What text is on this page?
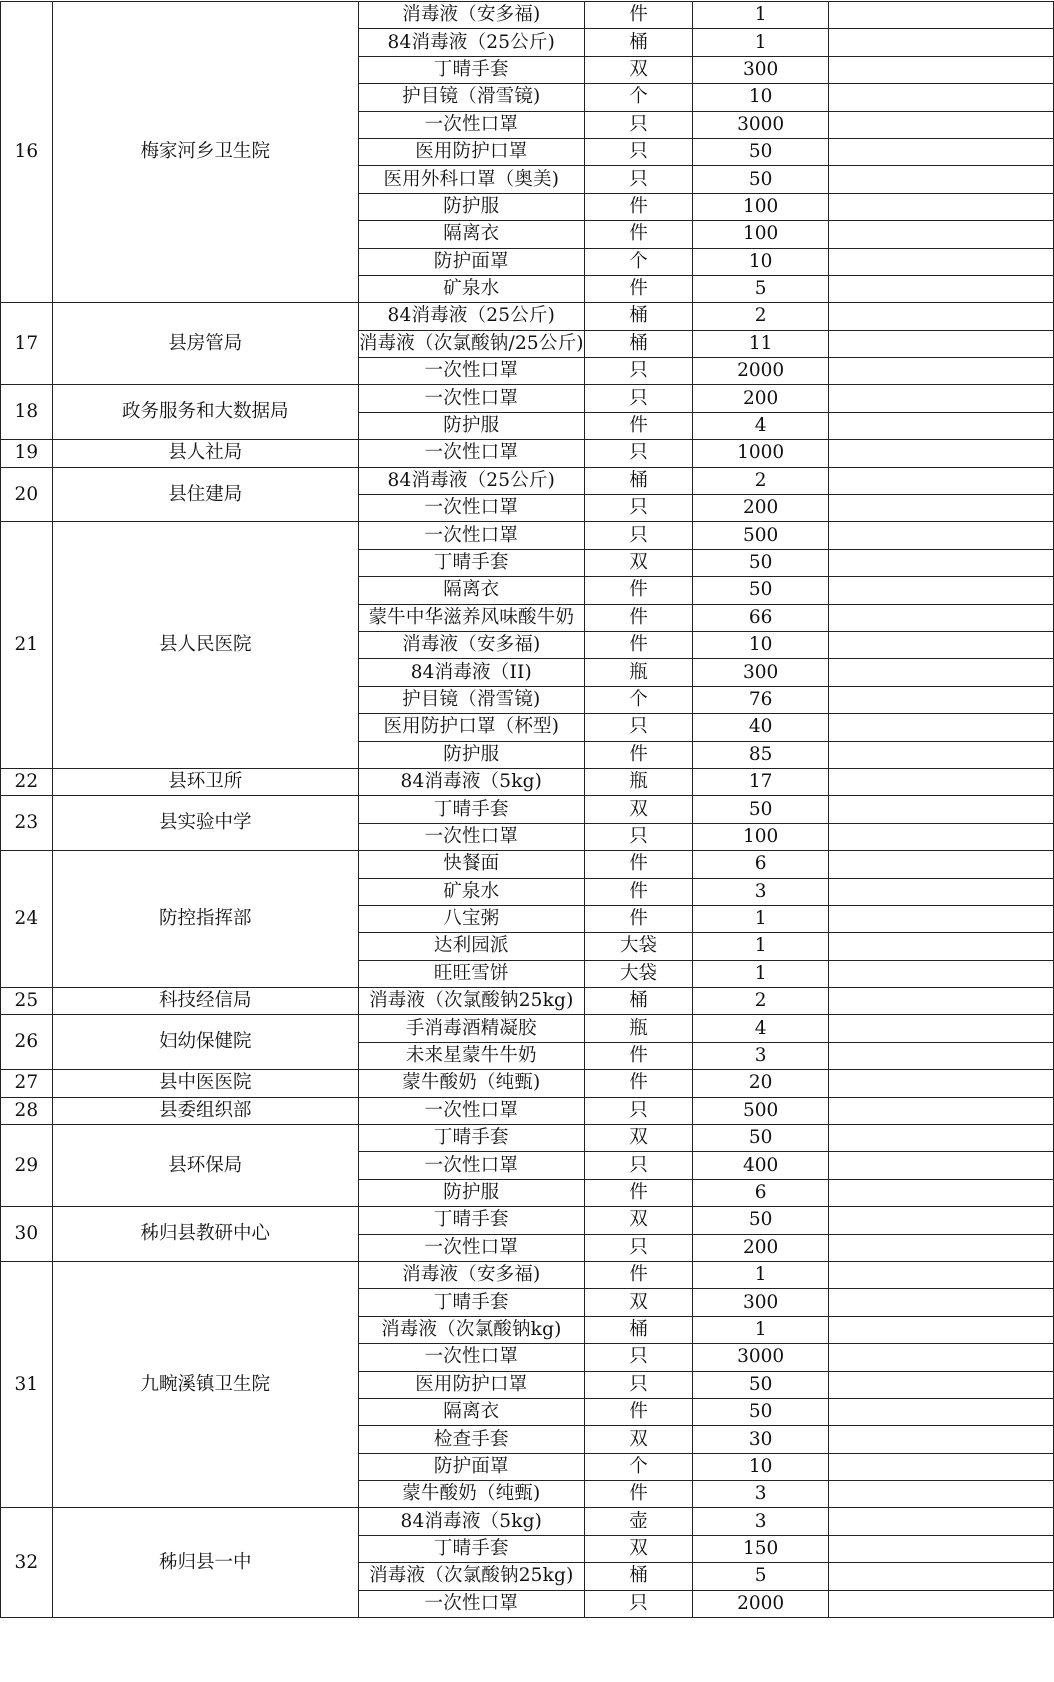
16	梅家河乡卫生院	消毒液（安多福)	件	1	
		84消毒液（25公斤)	桶	1	
		丁晴手套	双	300	
		护目镜（滑雪镜)	个	10	
		一次性口罩	只	3000	
		医用防护口罩	只	50	
		医用外科口罩（奥美)	只	50	
		防护服	件	100	
		隔离衣	件	100	
		防护面罩	个	10	
		矿泉水	件	5	
17	县房管局	84消毒液（25公斤)	桶	2	
		消毒液（次氯酸钠/25公斤)	桶	11	
		一次性口罩	只	2000	
18	政务服务和大数据局	一次性口罩	只	200	
		防护服	件	4	
19	县人社局	一次性口罩	只	1000	
20	县住建局	84消毒液（25公斤)	桶	2	
		一次性口罩	只	200	
21	县人民医院	一次性口罩	只	500	
		丁晴手套	双	50	
		隔离衣	件	50	
		蒙牛中华滋养风味酸牛奶	件	66	
		消毒液（安多福)	件	10	
		84消毒液（II)	瓶	300	
		护目镜（滑雪镜)	个	76	
		医用防护口罩（杯型)	只	40	
		防护服	件	85	
22	县环卫所	84消毒液（5kg)	瓶	17	
23	县实验中学	丁晴手套	双	50	
		一次性口罩	只	100	
24	防控指挥部	快餐面	件	6	
		矿泉水	件	3	
		八宝粥	件	1	
		达利园派	大袋	1	
		旺旺雪饼	大袋	1	
25	科技经信局	消毒液（次氯酸钠25kg)	桶	2	
26	妇幼保健院	手消毒酒精凝胶	瓶	4	
		未来星蒙牛牛奶	件	3	
27	县中医医院	蒙牛酸奶（纯甄)	件	20	
28	县委组织部	一次性口罩	只	500	
29	县环保局	丁晴手套	双	50	
		一次性口罩	只	400	
		防护服	件	6	
30	秭归县教研中心	丁晴手套	双	50	
		一次性口罩	只	200	
31	九畹溪镇卫生院	消毒液（安多福)	件	1	
		丁晴手套	双	300	
		消毒液（次氯酸钠kg)	桶	1	
		一次性口罩	只	3000	
		医用防护口罩	只	50	
		隔离衣	件	50	
		检查手套	双	30	
		防护面罩	个	10	
		蒙牛酸奶（纯甄)	件	3	
32	秭归县一中	84消毒液（5kg)	壶	3	
		丁晴手套	双	150	
		消毒液（次氯酸钠25kg)	桶	5	
		一次性口罩	只	2000	
